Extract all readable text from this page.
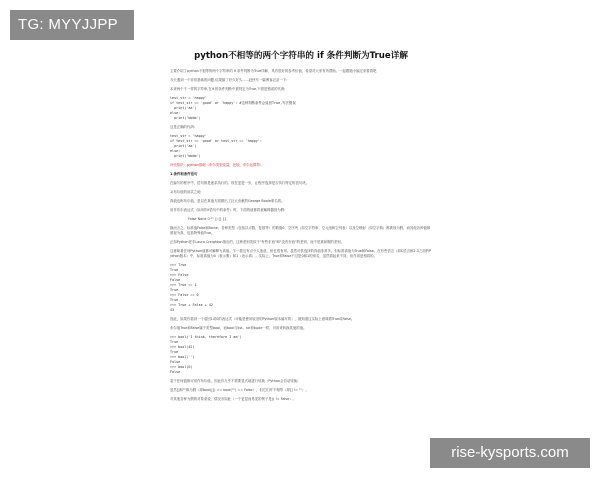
TG: MYYJJPP
python不相等的两个字符串的 if 条件判断为True详解
主要介绍了python不相等的两个字符串的 if 条件判断为True详解，具有很好的参考价值，希望对大家有所帮助。一起跟随小编过来看看吧
今天遇到一个非常基础的问题,结果搞了好久好久......赶快写一篇博客记录一下:
本来两个不一样的字符串,在if 的条件判断中被判定为True,下面是错误的代码:
test_str = 'happy'
if test_str == 'good' or 'happy': #这种判断条件会返回True,写法错误
print('aa')
else:
print('bbbb')
这是正确的代码:
test_str = 'happy'
if test_str == 'good' or test_str == 'happy':
print('aa')
else:
print('bbbb')
补充知识：python基础（布尔类型变量，比较、布尔运算符）
1.条件和条件语句
在编写的程序中，语句都是逐条执行的。现在更进一步，让程序选择是否执行特定的语句块。
1)布尔值的用武之地
真值也称布尔值，是以在真值方面做出了巨大贡献的George Boole命名的。
用作布尔表达式（如用作if语句中的条件）时，下面的值都将被解释器视为假：
False None 0 "" () [] {}
换而言之，标准值False和None、各种类型（包括浮点数、复数等）的数值0、空序列（如空字符串、空元组和空列表）以及空映射（如空字典）都被视为假，而其他各种值都被视为真，包括特殊值True。
正如Python老手Laura Creighton指出的，这种差别类似于"有些东西"和"没有东西"的差别，而不是真和假的差别。
这意味着任何Python值都可解释为真值。乍一看这有点令人迷惑，但也很有用。虽然可供选择的真值非常多，但标准真值为True和False。在有些语言（如C语言和2.3之前的Python版本）中，标准真值为0（表示假）和1（表示真）。实际上，True和False不过是0和1的别名，虽然看起来不同，但作用是相同的。
>>> True
True
>>> False
False
>>> True == 1
True
>>> False == 0
True
>>> True + False + 42
43
因此，如果你看到一个返回1或0的表达式（可能是使用较旧的Python版本编写的），就知道这实际上意味着True或False。
布尔值True和False属于类型bool，而bool与list、str和tuple一样，可用来转换其他的值。
>>> bool('I think, therefore I am')
True
>>> bool(42)
True
>>> bool('')
False
>>> bool(0)
False
鉴于任何值都可用作布尔值，因此你几乎不需要显式地进行转换（Python会自动转换）
虽然[]和""都为假（即bool([]) == bool("") == False），但它们并不相等（即[] != ""）。
对其他各种为假的对象来说，情况亦如此（一个更显而易见的例子是() != False）。
rise-kysports.com
